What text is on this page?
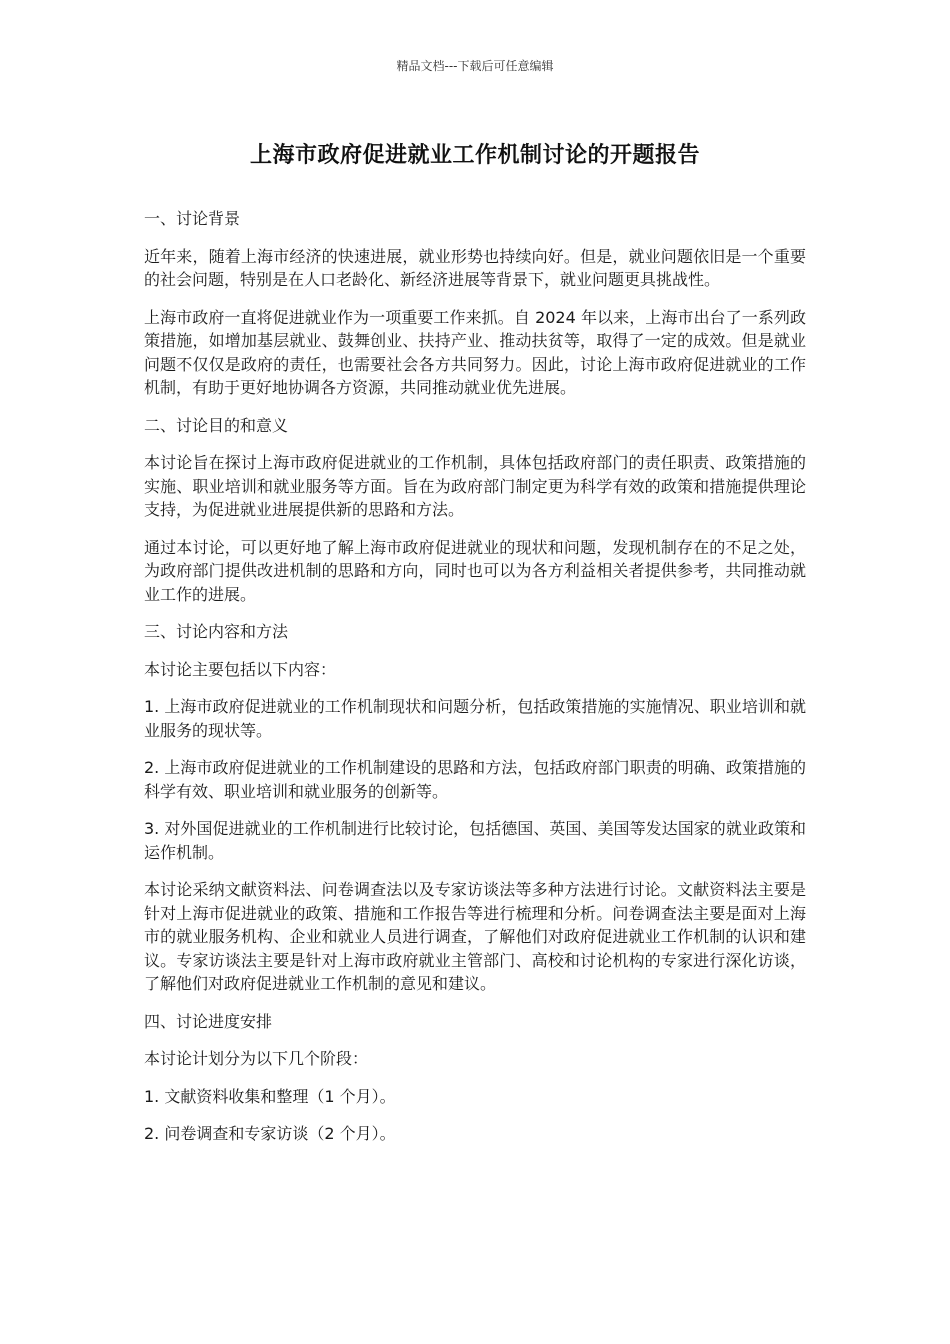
精品文档---下载后可任意编辑
上海市政府促进就业工作机制讨论的开题报告

一、讨论背景

近年来，随着上海市经济的快速进展，就业形势也持续向好。但是，就业问题依旧是一个重要的社会问题，特别是在人口老龄化、新经济进展等背景下，就业问题更具挑战性。

上海市政府一直将促进就业作为一项重要工作来抓。自 2024 年以来，上海市出台了一系列政策措施，如增加基层就业、鼓舞创业、扶持产业、推动扶贫等，取得了一定的成效。但是就业问题不仅仅是政府的责任，也需要社会各方共同努力。因此，讨论上海市政府促进就业的工作机制，有助于更好地协调各方资源，共同推动就业优先进展。

二、讨论目的和意义

本讨论旨在探讨上海市政府促进就业的工作机制，具体包括政府部门的责任职责、政策措施的实施、职业培训和就业服务等方面。旨在为政府部门制定更为科学有效的政策和措施提供理论支持，为促进就业进展提供新的思路和方法。

通过本讨论，可以更好地了解上海市政府促进就业的现状和问题，发现机制存在的不足之处，为政府部门提供改进机制的思路和方向，同时也可以为各方利益相关者提供参考，共同推动就业工作的进展。

三、讨论内容和方法

本讨论主要包括以下内容：

1. 上海市政府促进就业的工作机制现状和问题分析，包括政策措施的实施情况、职业培训和就业服务的现状等。

2. 上海市政府促进就业的工作机制建设的思路和方法，包括政府部门职责的明确、政策措施的科学有效、职业培训和就业服务的创新等。

3. 对外国促进就业的工作机制进行比较讨论，包括德国、英国、美国等发达国家的就业政策和运作机制。

本讨论采纳文献资料法、问卷调查法以及专家访谈法等多种方法进行讨论。文献资料法主要是针对上海市促进就业的政策、措施和工作报告等进行梳理和分析。问卷调查法主要是面对上海市的就业服务机构、企业和就业人员进行调查，了解他们对政府促进就业工作机制的认识和建议。专家访谈法主要是针对上海市政府就业主管部门、高校和讨论机构的专家进行深化访谈，了解他们对政府促进就业工作机制的意见和建议。

四、讨论进度安排

本讨论计划分为以下几个阶段：

1. 文献资料收集和整理（1 个月）。

2. 问卷调查和专家访谈（2 个月）。
